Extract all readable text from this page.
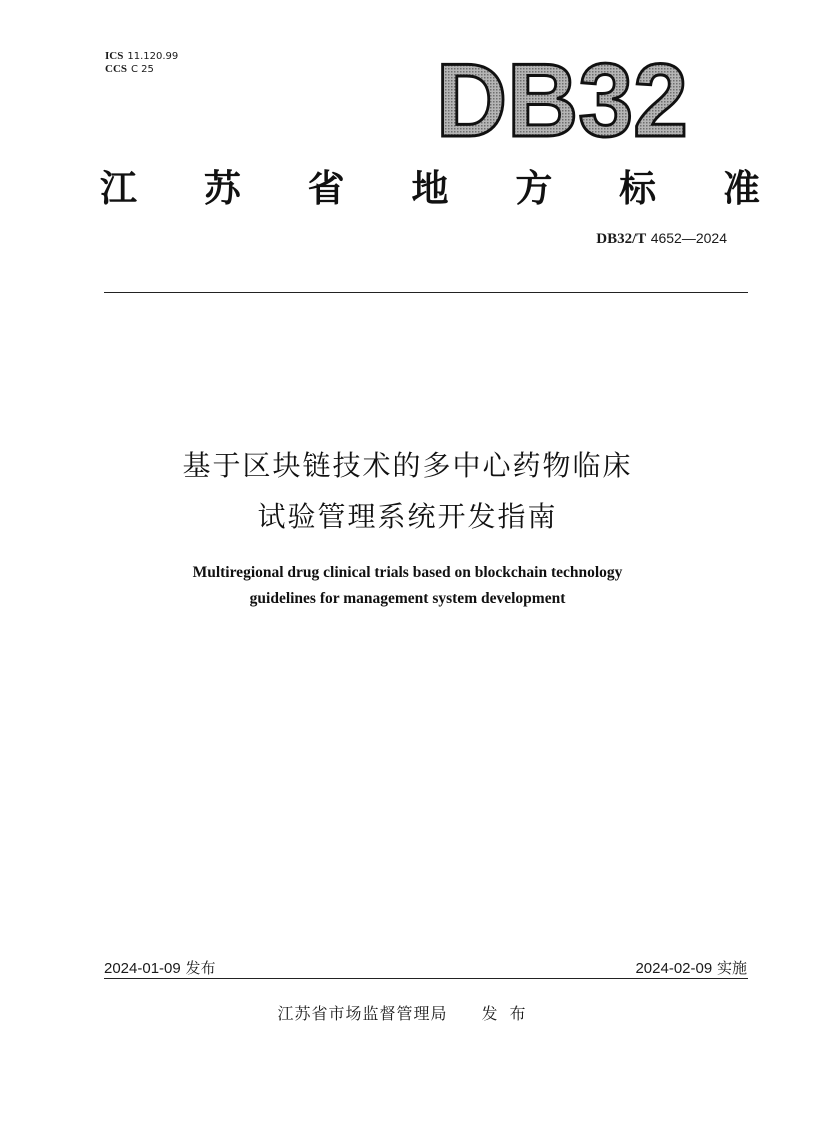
ICS 11.120.99
CCS C 25	DB32
江 苏 省 地 方 标 准
DB32/T 4652—2024
基于区块链技术的多中心药物临床
试验管理系统开发指南
Multiregional drug clinical trials based on blockchain technology
guidelines for management system development
2024-01-09 发布	2024-02-09 实施
江苏省市场监督管理局 发布
